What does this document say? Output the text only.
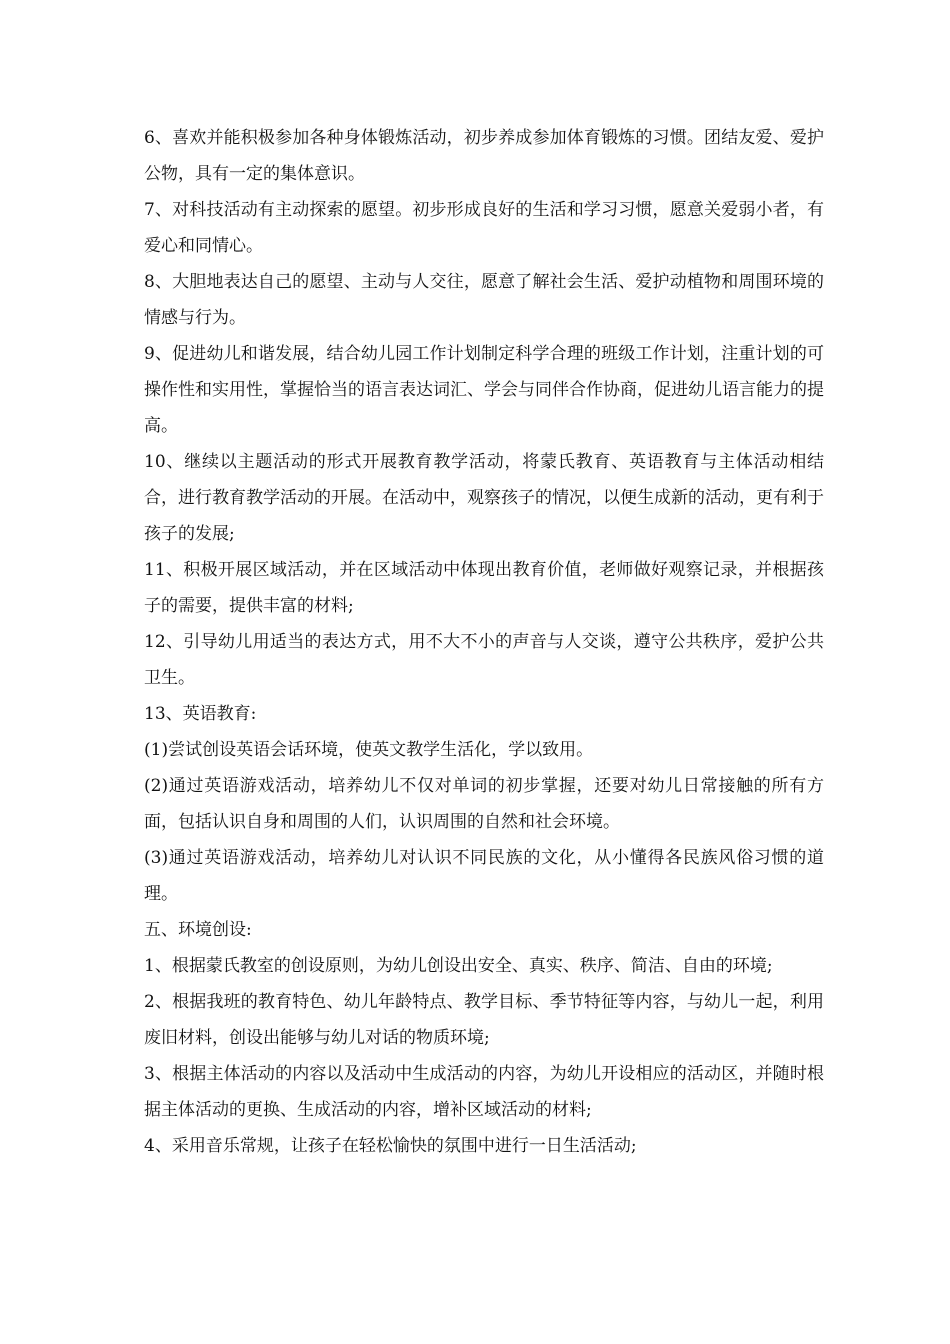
6、喜欢并能积极参加各种身体锻炼活动，初步养成参加体育锻炼的习惯。团结友爱、爱护公物，具有一定的集体意识。

7、对科技活动有主动探索的愿望。初步形成良好的生活和学习习惯，愿意关爱弱小者，有爱心和同情心。

8、大胆地表达自己的愿望、主动与人交往，愿意了解社会生活、爱护动植物和周围环境的情感与行为。

9、促进幼儿和谐发展，结合幼儿园工作计划制定科学合理的班级工作计划，注重计划的可操作性和实用性，掌握恰当的语言表达词汇、学会与同伴合作协商，促进幼儿语言能力的提高。

10、继续以主题活动的形式开展教育教学活动，将蒙氏教育、英语教育与主体活动相结合，进行教育教学活动的开展。在活动中，观察孩子的情况，以便生成新的活动，更有利于孩子的发展;

11、积极开展区域活动，并在区域活动中体现出教育价值，老师做好观察记录，并根据孩子的需要，提供丰富的材料;

12、引导幼儿用适当的表达方式，用不大不小的声音与人交谈，遵守公共秩序，爱护公共卫生。

13、英语教育:

(1)尝试创设英语会话环境，使英文教学生活化，学以致用。

(2)通过英语游戏活动，培养幼儿不仅对单词的初步掌握，还要对幼儿日常接触的所有方面，包括认识自身和周围的人们，认识周围的自然和社会环境。

(3)通过英语游戏活动，培养幼儿对认识不同民族的文化，从小懂得各民族风俗习惯的道理。

五、环境创设:

1、根据蒙氏教室的创设原则，为幼儿创设出安全、真实、秩序、简洁、自由的环境;

2、根据我班的教育特色、幼儿年龄特点、教学目标、季节特征等内容，与幼儿一起，利用废旧材料，创设出能够与幼儿对话的物质环境;

3、根据主体活动的内容以及活动中生成活动的内容，为幼儿开设相应的活动区，并随时根据主体活动的更换、生成活动的内容，增补区域活动的材料;

4、采用音乐常规，让孩子在轻松愉快的氛围中进行一日生活活动;
